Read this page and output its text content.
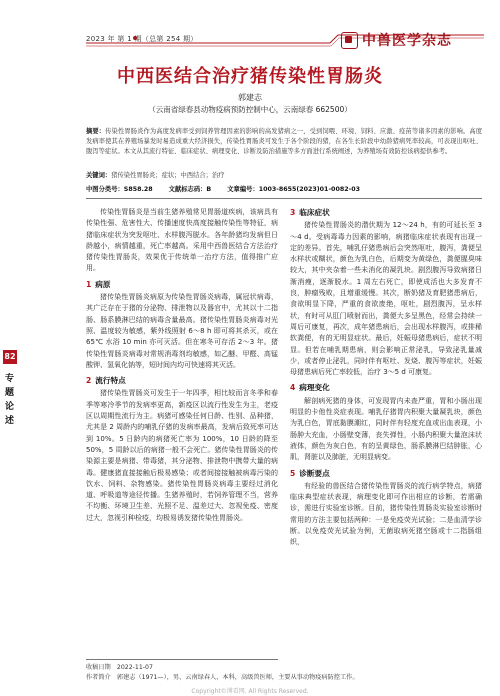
2023 年 第 1 期（总第 254 期）	中兽医学杂志
中西医结合治疗猪传染性胃肠炎
郭建志
（云南省绿春县动物疫病预防控制中心，云南绿春 662500）
摘要：传染性胃肠炎作为高度发病率受到饲养管理因素的影响的高发猪病之一，受到饲喂、环境、饲料、应激、疫苗等诸多因素的影响。高度发病率使其在养殖场暴发时易造成重大经济损失，传染性胃肠炎可发生于各个阶段的猪，在各生长阶段中幼龄猪病死率较高，可表现出呕吐、腹泻等症状。本文从其流行特征、临床症状、病理变化、诊断及防治措施等多方面进行系统阐述，为养殖场有效防控该病提供参考。
关键词：猪传染性胃肠炎；症状；中西结合；治疗
中图分类号：S858.28	文献标志码：B	文章编号：1003-8655(2023)01-0082-03
82
专题论述

传染性胃肠炎是当前生猪养殖常见胃肠道疾病，该病具有传染性强、危害性大、传播速度快高度接触传染性等特征，病猪临床症状为突发呕吐、水样腹泻脱水。各年龄猪均发病但日龄越小，病情越重，死亡率越高。采用中西兽医结合方法治疗猪传染性胃肠炎，效果优于传统单一治疗方法，值得推广应用。

1 病原

猪传染性胃肠炎病原为传染性胃肠炎病毒，属冠状病毒，其广泛存在于猪的分泌物、排泄物以及器官中，尤其以十二指肠、肠系膜淋巴结的病毒含量最高。猪传染性胃肠炎病毒对光照、温度较为敏感，紫外线照射 6～8 h 即可将其杀灭，或在 65℃ 水浴 10 min 亦可灭活。但在寒冬可存活 2～3 年。猪传染性胃肠炎病毒对常规消毒剂均敏感，如乙醚、甲醛、高锰酸钾、氢氧化钠等，短时间内均可快速将其灭活。

2 流行特点

猪传染性胃肠炎可发生于一年四季，相比较而言冬季和春季等寒冷季节的发病率更高，新疫区以流行性发生为主，老疫区以周期性流行为主。病猪可感染任何日龄、性别、品种猪，尤其是 2 周龄内的哺乳仔猪的发病率最高，发病后致死率可达到 10%。5 日龄内的病猪死亡率为 100%，10 日龄的降至 50%，5 周龄以后的病猪一般不会死亡。猪传染性胃肠炎的传染源主要是病猪、带毒猪，其分泌物、排泄物中携带大量的病毒。健康猪直接接触后极易感染；或者间接接触被病毒污染的饮水、饲料、杂物感染。猪传染性胃肠炎病毒主要经过消化道、呼吸道等途径传播。生猪养殖时，若饲养管理不当，营养不均衡、环境卫生差、光照不足、温差过大、忽视免疫、密度过大，忽视引种检疫，均极易诱发猪传染性胃肠炎。

3 临床症状

猪传染性胃肠炎的潜伏期为 12～24 h，有的可延长至 3～4 d。受病毒毒力因素的影响，病猪临床症状表现有出现一定的差异。首先，哺乳仔猪患病后会突然呕吐，腹泻，粪便呈水样状或糊状，颜色为乳白色，后期变为黄绿色，粪便腥臭味较大，其中夹杂着一些未消化的凝乳块。剧烈腹泻导致病猪日渐消瘦，逐渐脱水。1 周左右死亡，即使成活也大多发育不良，肿瘤残败，且增重缓慢。其次，断奶猪及育肥猪患病后，食欲明显下降，严重的食欲废绝，呕吐，剧烈腹泻，呈水样状，有时可从肛门喷射而出，粪便大多呈黑色，经常会持续一周后可康复，再次，成年猪患病后，会出现水样腹泻，或排稀软粪便，有的无明显症状。最后，妊娠母猪患病后，症状不明显。但若在哺乳期患病，则会影响正常泌乳，导致泌乳量减少，或者停止泌乳，同时伴有呕吐、发烧、腹泻等症状，妊娠母猪患病后死亡率较低，治疗 3～5 d 可康复。

4 病理变化

解剖病死猪的身体，可发现胃内未查严重，胃和小肠出现明显的卡他性炎症表现。哺乳仔猪胃内积聚大量凝乳块，颜色为乳白色，胃底黏膜潮红，同时伴有轻度充血或出血表现，小肠肿大充血，小肠壁变薄，丧失弹性，小肠内积聚大量泡沫状液体，颜色为灰白色，有的呈黄绿色，肠系膜淋巴结肿胀，心肌，肾脏以及肺脏，无明显病变。

5 诊断要点

有经验的兽医结合猪传染性胃肠炎的流行病学特点，病猪临床典型症状表现，病理变化即可作出相应的诊断，若需确诊，需进行实验室诊断。目前，猪传染性胃肠炎实验室诊断时常用的方法主要包括两种：一是免疫荧光试验；二是血清学诊断。以免疫荧光试验为例，无菌取病死猪空肠或十二指肠组织，

收稿日期　2022-11-07
作者简介　郭建志（1971—），男，云南绿春人，本科，高级兽医师，主要从事动物疫病防控工作。
Copyright©博看网. All Rights Reserved.
